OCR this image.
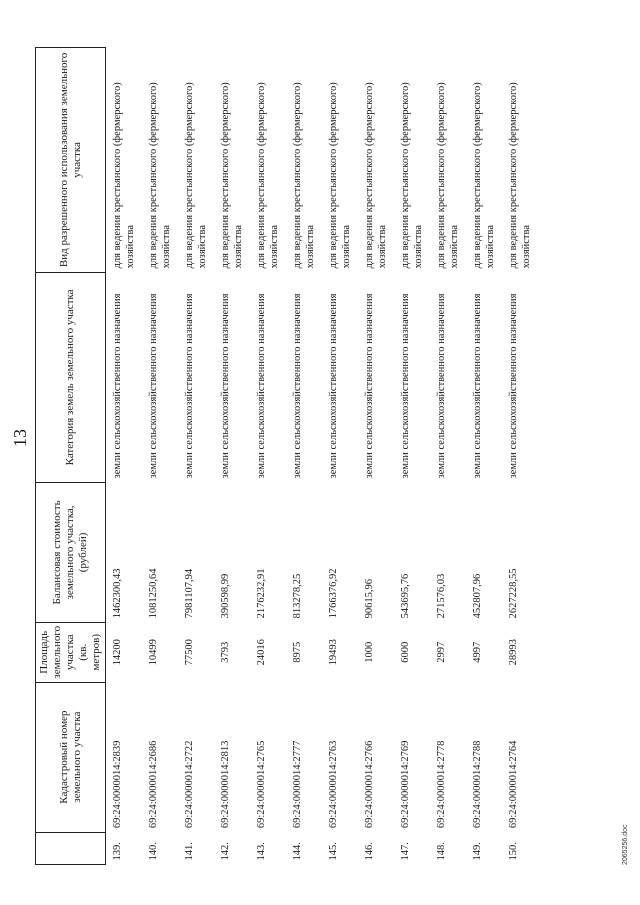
13
	Кадастровый номер земельного участка	Площадь земельного участка (кв. метров)	Балансовая стоимость земельного участка, (рублей)	Категория земель земельного участка	Вид разрешенного использования земельного участка
139.	69:24:0000014:2839	14200	1462300,43	земли сельскохозяйственного назначения	для ведения крестьянского (фермерского) хозяйства
140.	69:24:0000014:2686	10499	1081250,64	земли сельскохозяйственного назначения	для ведения крестьянского (фермерского) хозяйства
141.	69:24:0000014:2722	77500	7981107,94	земли сельскохозяйственного назначения	для ведения крестьянского (фермерского) хозяйства
142.	69:24:0000014:2813	3793	390598,99	земли сельскохозяйственного назначения	для ведения крестьянского (фермерского) хозяйства
143.	69:24:0000014:2765	24016	2176232,91	земли сельскохозяйственного назначения	для ведения крестьянского (фермерского) хозяйства
144.	69:24:0000014:2777	8975	813278,25	земли сельскохозяйственного назначения	для ведения крестьянского (фермерского) хозяйства
145.	69:24:0000014:2763	19493	1766376,92	земли сельскохозяйственного назначения	для ведения крестьянского (фермерского) хозяйства
146.	69:24:0000014:2766	1000	90615,96	земли сельскохозяйственного назначения	для ведения крестьянского (фермерского) хозяйства
147.	69:24:0000014:2769	6000	543695,76	земли сельскохозяйственного назначения	для ведения крестьянского (фермерского) хозяйства
148.	69:24:0000014:2778	2997	271576,03	земли сельскохозяйственного назначения	для ведения крестьянского (фермерского) хозяйства
149.	69:24:0000014:2788	4997	452807,96	земли сельскохозяйственного назначения	для ведения крестьянского (фермерского) хозяйства
150.	69:24:0000014:2764	28993	2627228,55	земли сельскохозяйственного назначения	для ведения крестьянского (фермерского) хозяйства
2065256.doc
